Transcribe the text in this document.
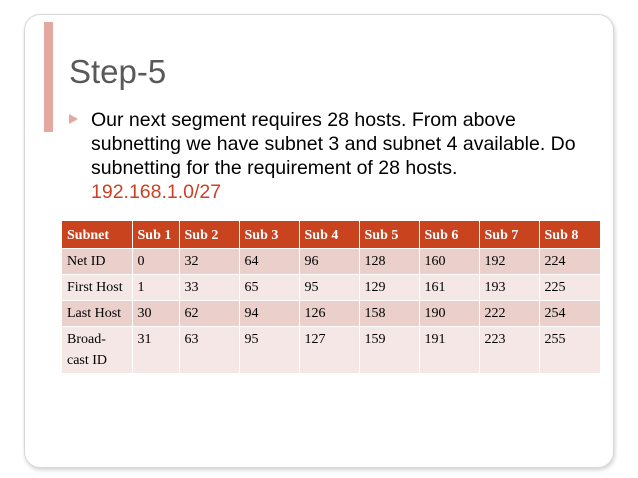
Step-5
Our next segment requires 28 hosts. From above subnetting we have subnet 3 and subnet 4 available. Do subnetting for the requirement of 28 hosts.192.168.1.0/27
Subnet	Sub 1	Sub 2	Sub 3	Sub 4	Sub 5	Sub 6	Sub 7	Sub 8
Net ID	0	32	64	96	128	160	192	224
First Host	1	33	65	95	129	161	193	225
Last Host	30	62	94	126	158	190	222	254
Broad-cast ID	31	63	95	127	159	191	223	255
